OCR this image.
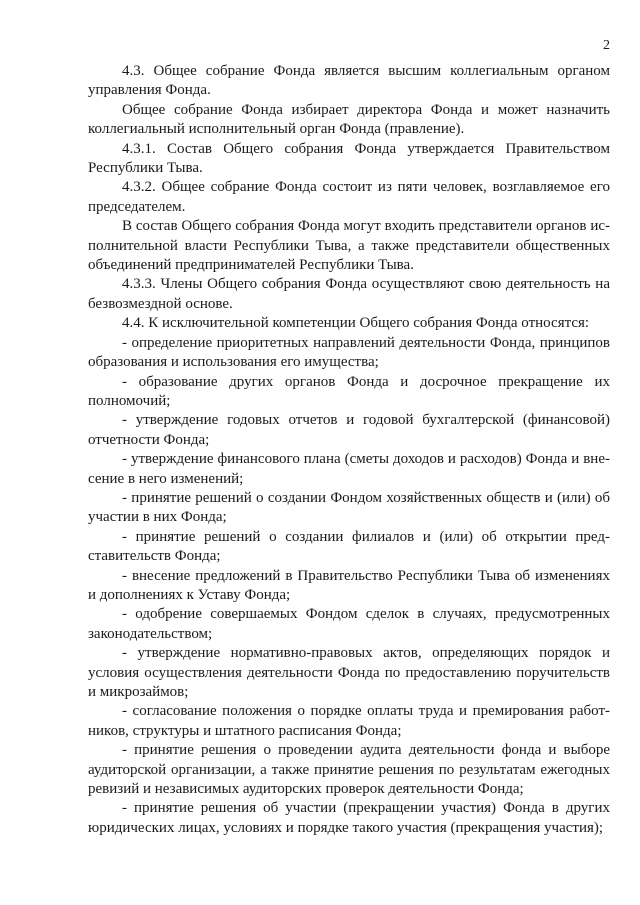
2

4.3. Общее собрание Фонда является высшим коллегиальным органом управления Фонда.

Общее собрание Фонда избирает директора Фонда и может назначить коллегиальный исполнительный орган Фонда (правление).

4.3.1. Состав Общего собрания Фонда утверждается Правительством Республики Тыва.

4.3.2. Общее собрание Фонда состоит из пяти человек, возглавляемое его председателем.

В состав Общего собрания Фонда могут входить представители органов исполнительной власти Республики Тыва, а также представители общественных объединений предпринимателей Республики Тыва.

4.3.3. Члены Общего собрания Фонда осуществляют свою деятельность на безвозмездной основе.

4.4. К исключительной компетенции Общего собрания Фонда относятся:

- определение приоритетных направлений деятельности Фонда, принципов образования и использования его имущества;

- образование других органов Фонда и досрочное прекращение их полномочий;

- утверждение годовых отчетов и годовой бухгалтерской (финансовой) отчетности Фонда;

- утверждение финансового плана (сметы доходов и расходов) Фонда и внесение в него изменений;

- принятие решений о создании Фондом хозяйственных обществ и (или) об участии в них Фонда;

- принятие решений о создании филиалов и (или) об открытии представительств Фонда;

- внесение предложений в Правительство Республики Тыва об изменениях и дополнениях к Уставу Фонда;

- одобрение совершаемых Фондом сделок в случаях, предусмотренных законодательством;

- утверждение нормативно-правовых актов, определяющих порядок и условия осуществления деятельности Фонда по предоставлению поручительств и микрозаймов;

- согласование положения о порядке оплаты труда и премирования работников, структуры и штатного расписания Фонда;

- принятие решения о проведении аудита деятельности фонда и выборе аудиторской организации, а также принятие решения по результатам ежегодных ревизий и независимых аудиторских проверок деятельности Фонда;

- принятие решения об участии (прекращении участия) Фонда в других юридических лицах, условиях и порядке такого участия (прекращения участия);
